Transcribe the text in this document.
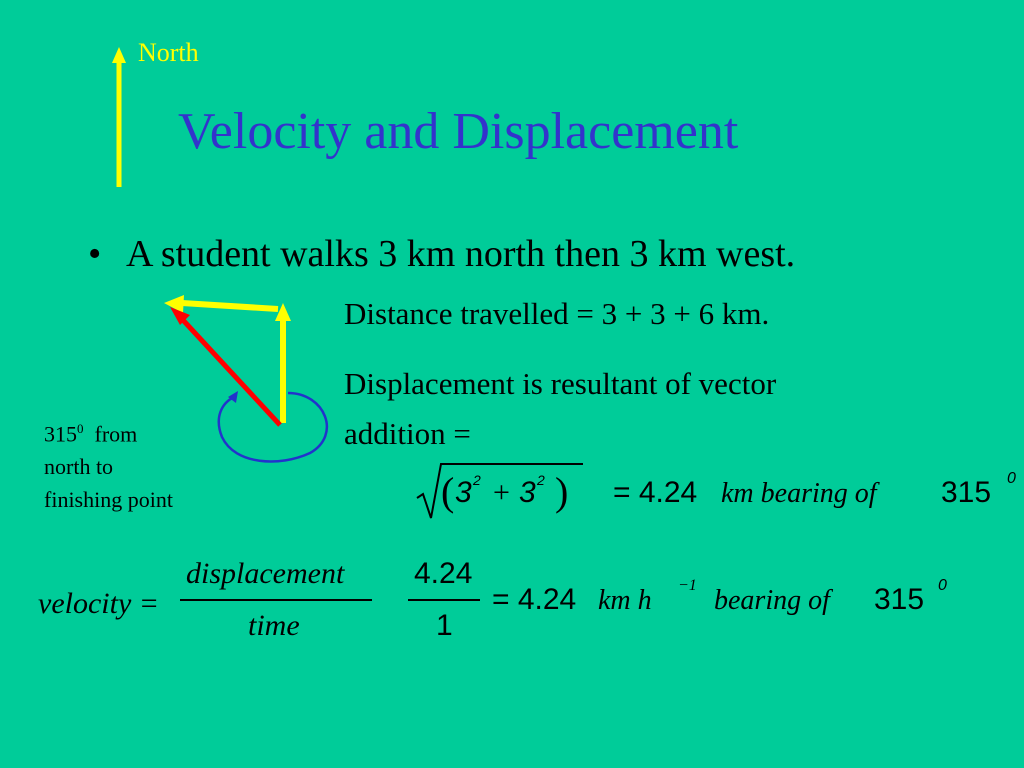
North
Velocity and Displacement
• A student walks 3 km north then 3 km west.
$315^0$ from north to finishing point
Distance travelled = 3 + 3 + 6 km.
Displacement is resultant of vector
addition =
( 3 2 + 3 2 ) = 4.24 km bearing of 315 0
velocity =
displacement
time
4.24
1
= 4.24 km h −1 bearing of 315 0
